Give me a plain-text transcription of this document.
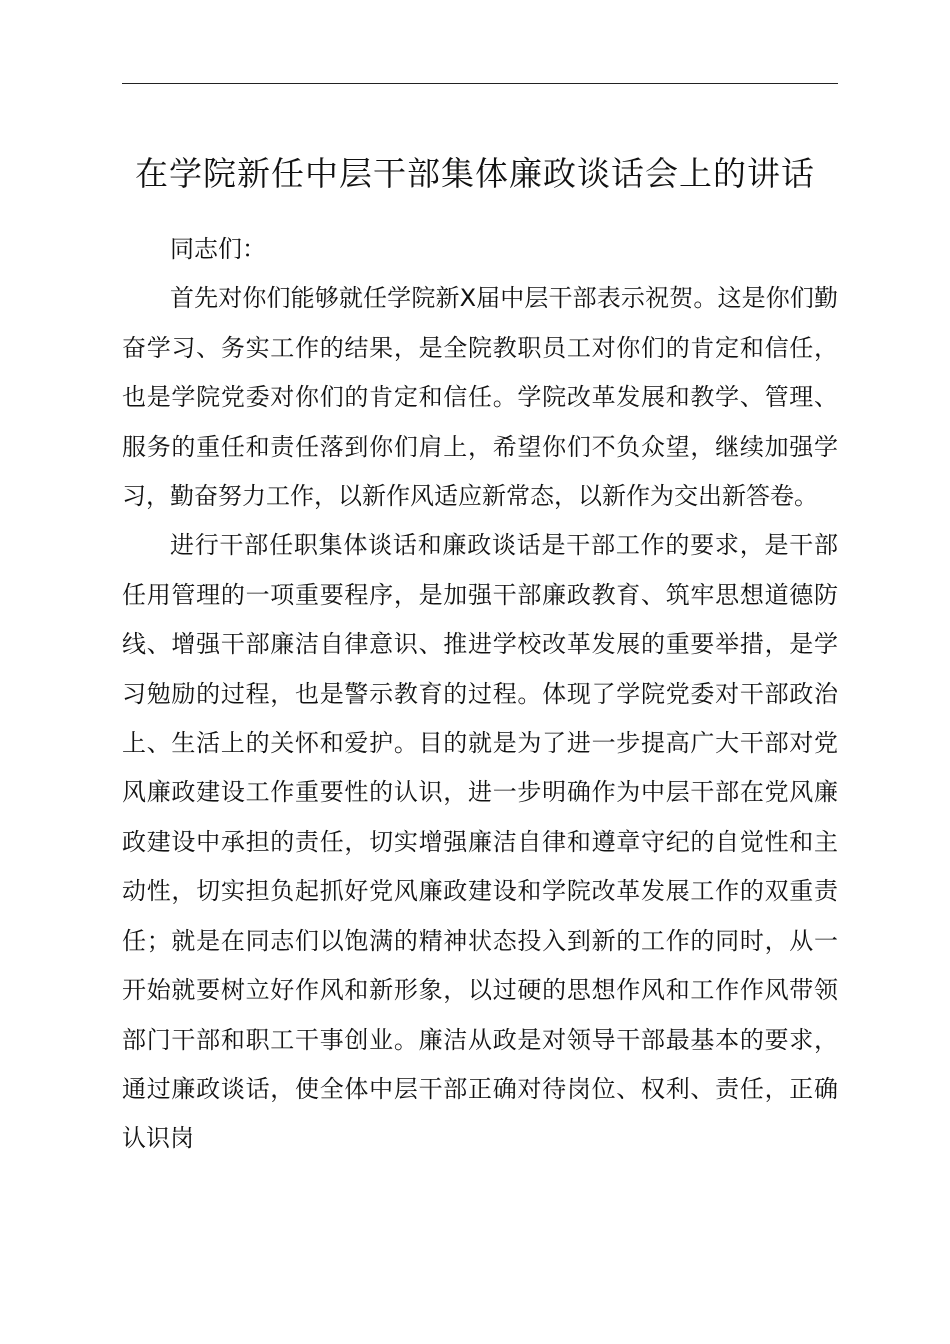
在学院新任中层干部集体廉政谈话会上的讲话

同志们：

首先对你们能够就任学院新X届中层干部表示祝贺。这是你们勤奋学习、务实工作的结果，是全院教职员工对你们的肯定和信任，也是学院党委对你们的肯定和信任。学院改革发展和教学、管理、服务的重任和责任落到你们肩上，希望你们不负众望，继续加强学习，勤奋努力工作，以新作风适应新常态，以新作为交出新答卷。

进行干部任职集体谈话和廉政谈话是干部工作的要求，是干部任用管理的一项重要程序，是加强干部廉政教育、筑牢思想道德防线、增强干部廉洁自律意识、推进学校改革发展的重要举措，是学习勉励的过程，也是警示教育的过程。体现了学院党委对干部政治上、生活上的关怀和爱护。目的就是为了进一步提高广大干部对党风廉政建设工作重要性的认识，进一步明确作为中层干部在党风廉政建设中承担的责任，切实增强廉洁自律和遵章守纪的自觉性和主动性，切实担负起抓好党风廉政建设和学院改革发展工作的双重责任；就是在同志们以饱满的精神状态投入到新的工作的同时，从一开始就要树立好作风和新形象，以过硬的思想作风和工作作风带领部门干部和职工干事创业。廉洁从政是对领导干部最基本的要求，通过廉政谈话，使全体中层干部正确对待岗位、权利、责任，正确认识岗
